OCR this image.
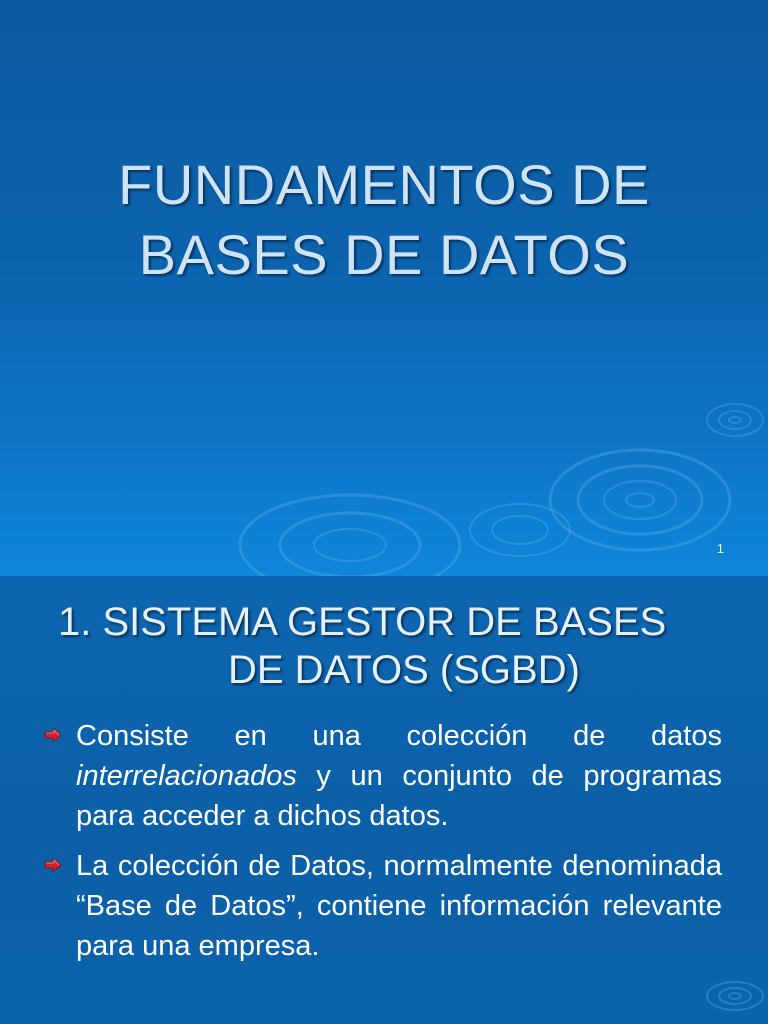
FUNDAMENTOS DE
BASES DE DATOS
1
1. SISTEMA GESTOR DE BASES
DE DATOS (SGBD)
Consiste en una colección de datos interrelacionados y un conjunto de programas para acceder a dichos datos.
La colección de Datos, normalmente denominada “Base de Datos”, contiene información relevante para una empresa.
